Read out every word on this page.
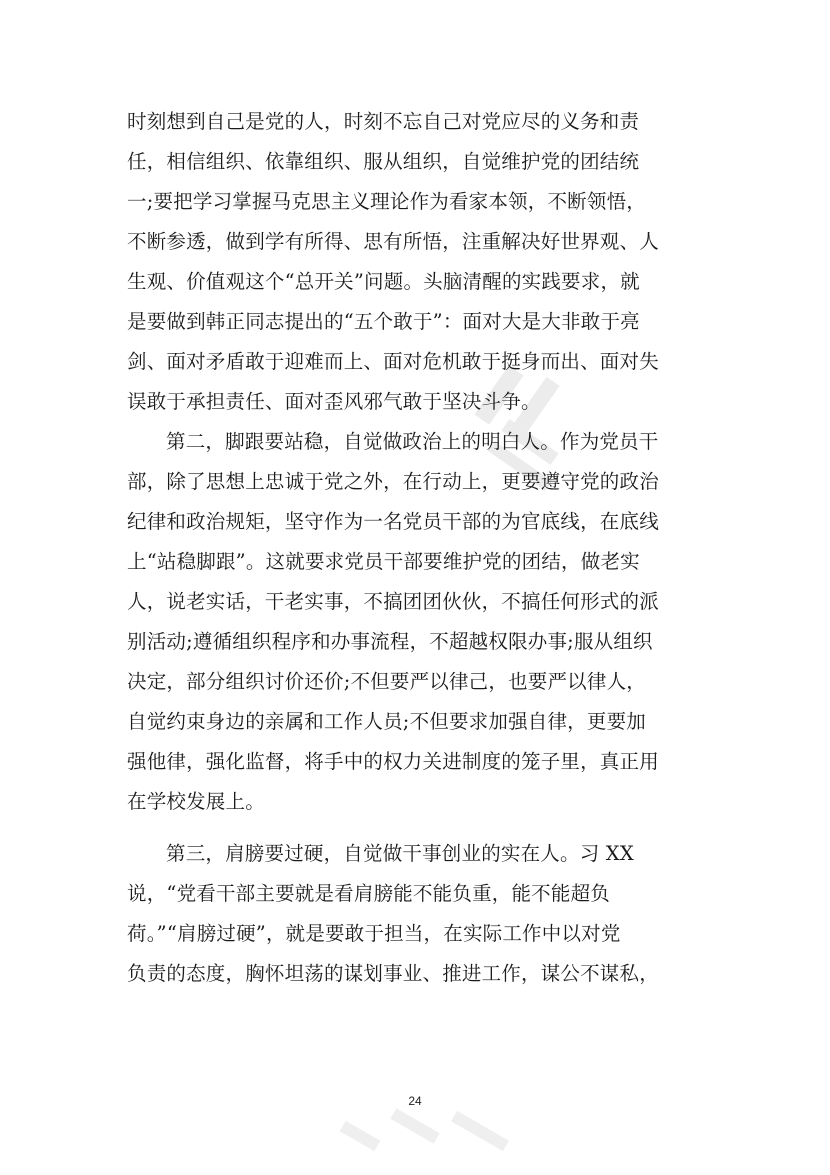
时刻想到自己是党的人，时刻不忘自己对党应尽的义务和责
任，相信组织、依靠组织、服从组织，自觉维护党的团结统
一;要把学习掌握马克思主义理论作为看家本领，不断领悟，
不断参透，做到学有所得、思有所悟，注重解决好世界观、人
生观、价值观这个“总开关”问题。头脑清醒的实践要求，就
是要做到韩正同志提出的“五个敢于”：面对大是大非敢于亮
剑、面对矛盾敢于迎难而上、面对危机敢于挺身而出、面对失
误敢于承担责任、面对歪风邪气敢于坚决斗争。

第二，脚跟要站稳，自觉做政治上的明白人。作为党员干
部，除了思想上忠诚于党之外，在行动上，更要遵守党的政治
纪律和政治规矩，坚守作为一名党员干部的为官底线，在底线
上“站稳脚跟”。这就要求党员干部要维护党的团结，做老实
人，说老实话，干老实事，不搞团团伙伙，不搞任何形式的派
别活动;遵循组织程序和办事流程，不超越权限办事;服从组织
决定，部分组织讨价还价;不但要严以律己，也要严以律人，
自觉约束身边的亲属和工作人员;不但要求加强自律，更要加
强他律，强化监督，将手中的权力关进制度的笼子里，真正用
在学校发展上。

第三，肩膀要过硬，自觉做干事创业的实在人。习 XX
说，“党看干部主要就是看肩膀能不能负重，能不能超负
荷。”“肩膀过硬”，就是要敢于担当，在实际工作中以对党
负责的态度，胸怀坦荡的谋划事业、推进工作，谋公不谋私，

24
